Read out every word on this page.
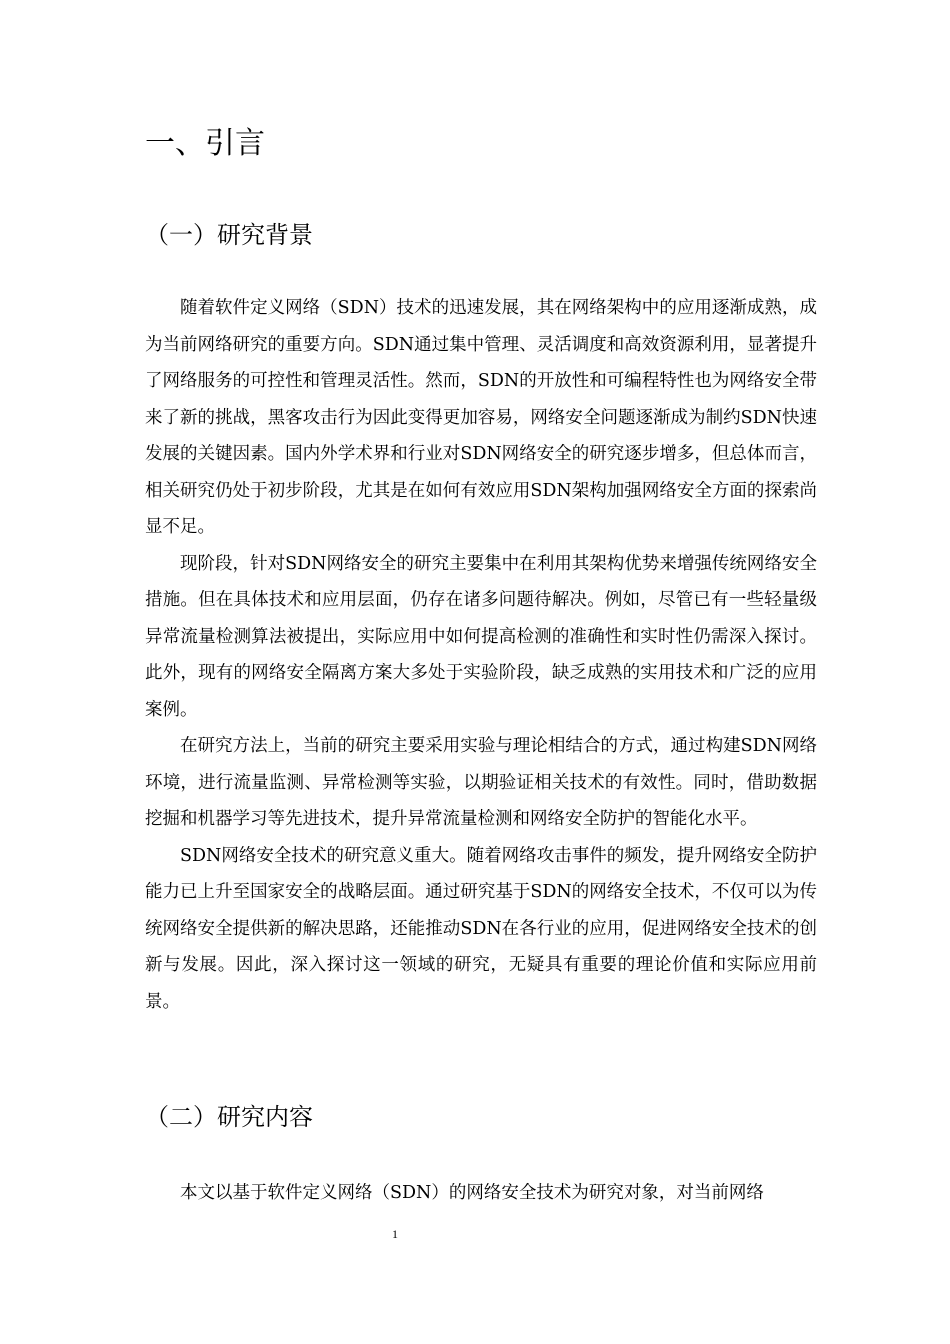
一、引言
（一）研究背景

随着软件定义网络（SDN）技术的迅速发展，其在网络架构中的应用逐渐成熟，成为当前网络研究的重要方向。SDN通过集中管理、灵活调度和高效资源利用，显著提升了网络服务的可控性和管理灵活性。然而，SDN的开放性和可编程特性也为网络安全带来了新的挑战，黑客攻击行为因此变得更加容易，网络安全问题逐渐成为制约SDN快速发展的关键因素。国内外学术界和行业对SDN网络安全的研究逐步增多，但总体而言，相关研究仍处于初步阶段，尤其是在如何有效应用SDN架构加强网络安全方面的探索尚显不足。

现阶段，针对SDN网络安全的研究主要集中在利用其架构优势来增强传统网络安全措施。但在具体技术和应用层面，仍存在诸多问题待解决。例如，尽管已有一些轻量级异常流量检测算法被提出，实际应用中如何提高检测的准确性和实时性仍需深入探讨。此外，现有的网络安全隔离方案大多处于实验阶段，缺乏成熟的实用技术和广泛的应用案例。

在研究方法上，当前的研究主要采用实验与理论相结合的方式，通过构建SDN网络环境，进行流量监测、异常检测等实验，以期验证相关技术的有效性。同时，借助数据挖掘和机器学习等先进技术，提升异常流量检测和网络安全防护的智能化水平。

SDN网络安全技术的研究意义重大。随着网络攻击事件的频发，提升网络安全防护能力已上升至国家安全的战略层面。通过研究基于SDN的网络安全技术，不仅可以为传统网络安全提供新的解决思路，还能推动SDN在各行业的应用，促进网络安全技术的创新与发展。因此，深入探讨这一领域的研究，无疑具有重要的理论价值和实际应用前景。

（二）研究内容

本文以基于软件定义网络（SDN）的网络安全技术为研究对象，对当前网络

1
